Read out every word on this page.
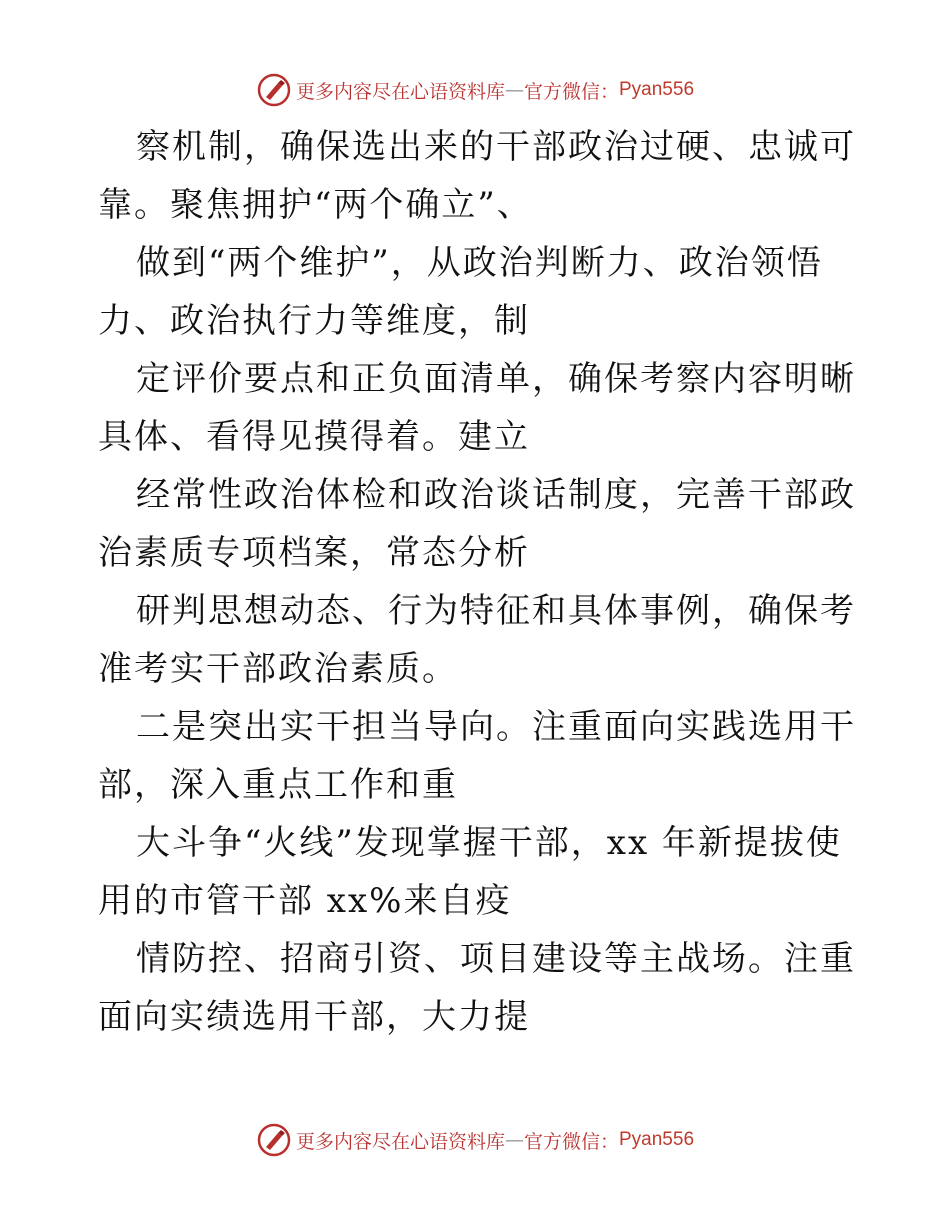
更多内容尽在心语资料库 — 官方微信： Pyan556

察机制，确保选出来的干部政治过硬、忠诚可靠。聚焦拥护“两个确立”、

做到“两个维护”，从政治判断力、政治领悟力、政治执行力等维度，制

定评价要点和正负面清单，确保考察内容明晰具体、看得见摸得着。建立

经常性政治体检和政治谈话制度，完善干部政治素质专项档案，常态分析

研判思想动态、行为特征和具体事例，确保考准考实干部政治素质。

二是突出实干担当导向。注重面向实践选用干部，深入重点工作和重

大斗争“火线”发现掌握干部，xx 年新提拔使用的市管干部 xx%来自疫

情防控、招商引资、项目建设等主战场。注重面向实绩选用干部，大力提

更多内容尽在心语资料库 — 官方微信： Pyan556
